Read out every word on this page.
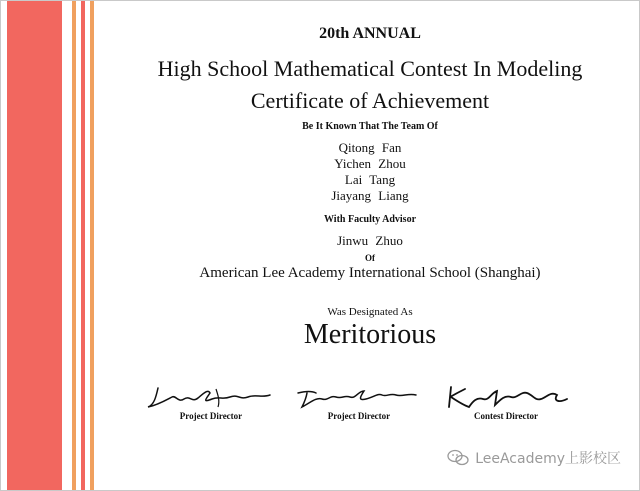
20th ANNUAL
High School Mathematical Contest In Modeling
Certificate of Achievement
Be It Known That The Team Of
Qitong Fan
Yichen Zhou
Lai Tang
Jiayang Liang
With Faculty Advisor
Jinwu Zhuo
Of
American Lee Academy International School (Shanghai)
Was Designated As
Meritorious
Project Director	Project Director	Contest Director
LeeAcademy上影校区
